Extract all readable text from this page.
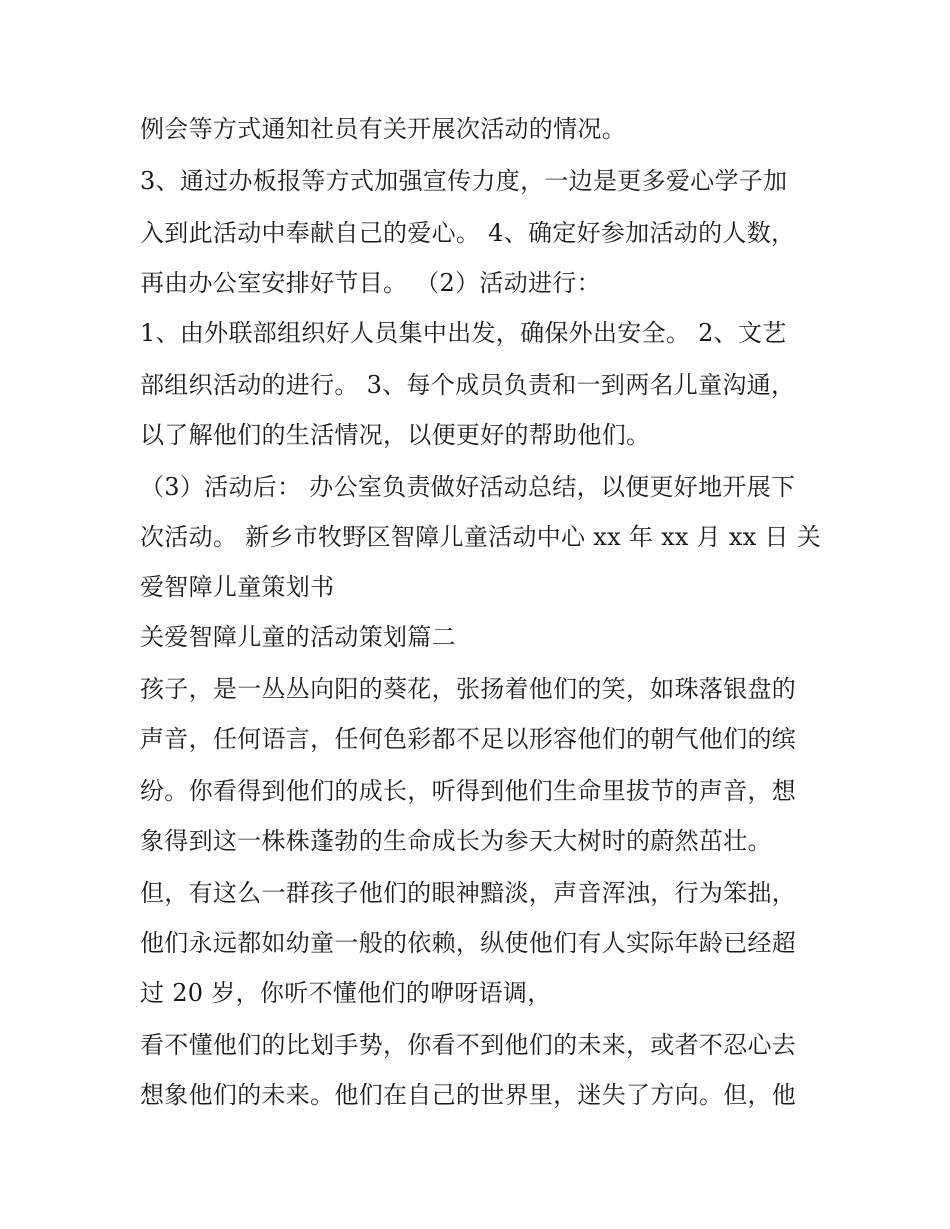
例会等方式通知社员有关开展次活动的情况。
3、通过办板报等方式加强宣传力度，一边是更多爱心学子加
入到此活动中奉献自己的爱心。 4、确定好参加活动的人数，
再由办公室安排好节目。 （2）活动进行：
1、由外联部组织好人员集中出发，确保外出安全。 2、文艺
部组织活动的进行。 3、每个成员负责和一到两名儿童沟通，
以了解他们的生活情况，以便更好的帮助他们。
（3）活动后： 办公室负责做好活动总结，以便更好地开展下
次活动。 新乡市牧野区智障儿童活动中心 xx 年 xx 月 xx 日 关
爱智障儿童策划书
关爱智障儿童的活动策划篇二
孩子，是一丛丛向阳的葵花，张扬着他们的笑，如珠落银盘的
声音，任何语言，任何色彩都不足以形容他们的朝气他们的缤
纷。你看得到他们的成长，听得到他们生命里拔节的声音，想
象得到这一株株蓬勃的生命成长为参天大树时的蔚然茁壮。
但，有这么一群孩子他们的眼神黯淡，声音浑浊，行为笨拙，
他们永远都如幼童一般的依赖，纵使他们有人实际年龄已经超
过 20 岁，你听不懂他们的咿呀语调，
看不懂他们的比划手势，你看不到他们的未来，或者不忍心去
想象他们的未来。他们在自己的世界里，迷失了方向。但，他
